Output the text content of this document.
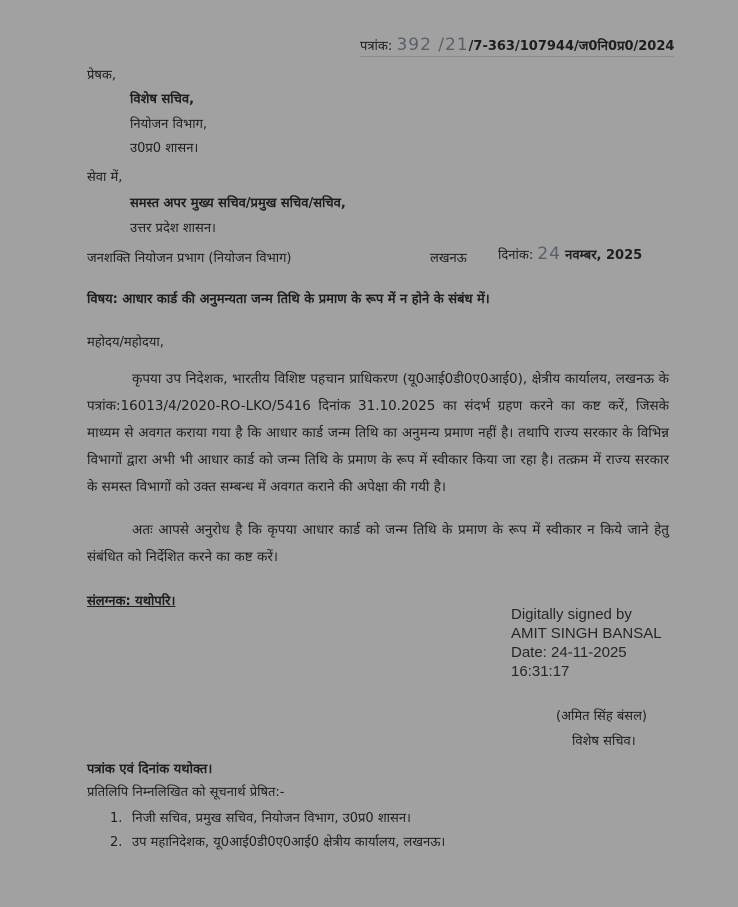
पत्रांक: 392 /21/7-363/107944/ज0नि0प्र0/2024
प्रेषक,
विशेष सचिव,
नियोजन विभाग,
उ0प्र0 शासन।
सेवा में,
समस्त अपर मुख्य सचिव/प्रमुख सचिव/सचिव,
उत्तर प्रदेश शासन।
जनशक्ति नियोजन प्रभाग (नियोजन विभाग)	लखनऊ दिनांक: 24 नवम्बर, 2025
विषय: आधार कार्ड की अनुमन्यता जन्म तिथि के प्रमाण के रूप में न होने के संबंध में।
महोदय/महोदया,
कृपया उप निदेशक, भारतीय विशिष्ट पहचान प्राधिकरण (यू0आई0डी0ए0आई0), क्षेत्रीय कार्यालय, लखनऊ के पत्रांक:16013/4/2020-RO-LKO/5416 दिनांक 31.10.2025 का संदर्भ ग्रहण करने का कष्ट करें, जिसके माध्यम से अवगत कराया गया है कि आधार कार्ड जन्म तिथि का अनुमन्य प्रमाण नहीं है। तथापि राज्य सरकार के विभिन्न विभागों द्वारा अभी भी आधार कार्ड को जन्म तिथि के प्रमाण के रूप में स्वीकार किया जा रहा है। तत्क्रम में राज्य सरकार के समस्त विभागों को उक्त सम्बन्ध में अवगत कराने की अपेक्षा की गयी है।
अतः आपसे अनुरोध है कि कृपया आधार कार्ड को जन्म तिथि के प्रमाण के रूप में स्वीकार न किये जाने हेतु संबंधित को निर्देशित करने का कष्ट करें।
संलग्नक: यथोपरि।
Digitally signed by
AMIT SINGH BANSAL
Date: 24-11-2025
16:31:17
(अमित सिंह बंसल)
विशेष सचिव।
पत्रांक एवं दिनांक यथोक्त।
प्रतिलिपि निम्नलिखित को सूचनार्थ प्रेषित:-
1. निजी सचिव, प्रमुख सचिव, नियोजन विभाग, उ0प्र0 शासन।
2. उप महानिदेशक, यू0आई0डी0ए0आई0 क्षेत्रीय कार्यालय, लखनऊ।
